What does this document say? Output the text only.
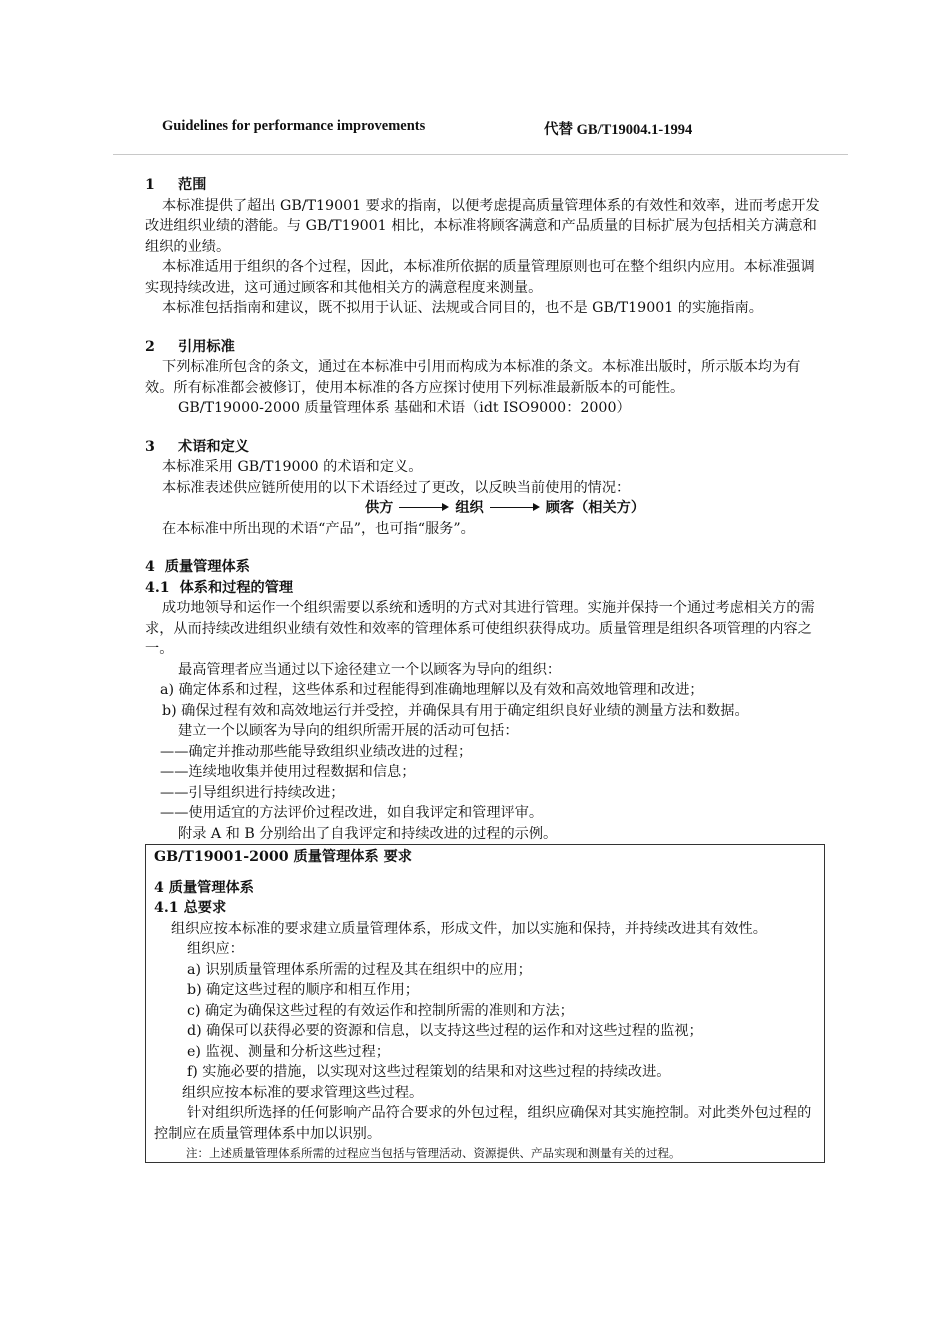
Guidelines for performance improvements	代替 GB/T19004.1-1994

1 范围

本标准提供了超出 GB/T19001 要求的指南，以便考虑提高质量管理体系的有效性和效率，进而考虑开发改进组织业绩的潜能。与 GB/T19001 相比，本标准将顾客满意和产品质量的目标扩展为包括相关方满意和组织的业绩。

本标准适用于组织的各个过程，因此，本标准所依据的质量管理原则也可在整个组织内应用。本标准强调实现持续改进，这可通过顾客和其他相关方的满意程度来测量。

本标准包括指南和建议，既不拟用于认证、法规或合同目的，也不是 GB/T19001 的实施指南。

2 引用标准

下列标准所包含的条文，通过在本标准中引用而构成为本标准的条文。本标准出版时，所示版本均为有效。所有标准都会被修订，使用本标准的各方应探讨使用下列标准最新版本的可能性。

GB/T19000-2000 质量管理体系 基础和术语（idt ISO9000：2000）

3 术语和定义

本标准采用 GB/T19000 的术语和定义。

本标准表述供应链所使用的以下术语经过了更改，以反映当前使用的情况：

供方	组织	顾客（相关方）

在本标准中所出现的术语“产品”，也可指“服务”。

4 质量管理体系

4.1 体系和过程的管理

成功地领导和运作一个组织需要以系统和透明的方式对其进行管理。实施并保持一个通过考虑相关方的需求，从而持续改进组织业绩有效性和效率的管理体系可使组织获得成功。质量管理是组织各项管理的内容之一。

最高管理者应当通过以下途径建立一个以顾客为导向的组织：

a) 确定体系和过程，这些体系和过程能得到准确地理解以及有效和高效地管理和改进；

b) 确保过程有效和高效地运行并受控，并确保具有用于确定组织良好业绩的测量方法和数据。

建立一个以顾客为导向的组织所需开展的活动可包括：

——确定并推动那些能导致组织业绩改进的过程；

——连续地收集并使用过程数据和信息；

——引导组织进行持续改进；

——使用适宜的方法评价过程改进，如自我评定和管理评审。

附录 A 和 B 分别给出了自我评定和持续改进的过程的示例。

GB/T19001-2000 质量管理体系 要求

4 质量管理体系

4.1 总要求

组织应按本标准的要求建立质量管理体系，形成文件，加以实施和保持，并持续改进其有效性。

组织应：

a) 识别质量管理体系所需的过程及其在组织中的应用；

b) 确定这些过程的顺序和相互作用；

c) 确定为确保这些过程的有效运作和控制所需的准则和方法；

d) 确保可以获得必要的资源和信息，以支持这些过程的运作和对这些过程的监视；

e) 监视、测量和分析这些过程；

f) 实施必要的措施，以实现对这些过程策划的结果和对这些过程的持续改进。

组织应按本标准的要求管理这些过程。

针对组织所选择的任何影响产品符合要求的外包过程，组织应确保对其实施控制。对此类外包过程的控制应在质量管理体系中加以识别。

注：上述质量管理体系所需的过程应当包括与管理活动、资源提供、产品实现和测量有关的过程。
